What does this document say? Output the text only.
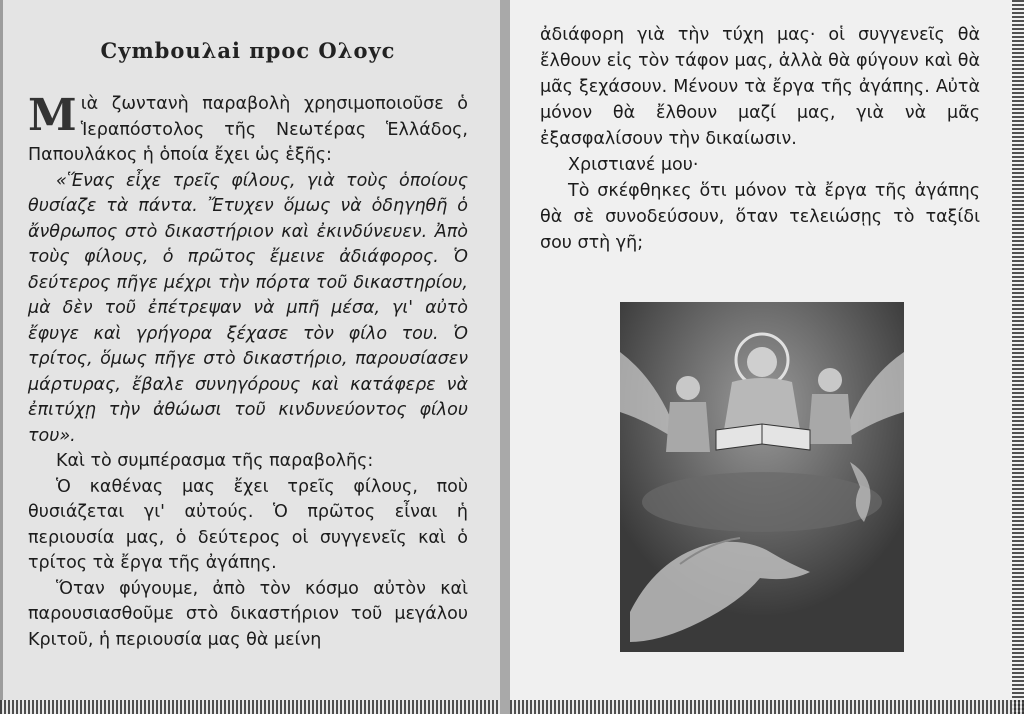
Cymbouλai πpoc Oλoyc

Mιὰ ζωντανὴ παραβολὴ χρησιμοποιοῦσε ὁ Ἱεραπόστολος τῆς Νεωτέρας Ἑλλάδος, Παπουλάκος ἡ ὁποία ἔχει ὡς ἑξῆς:

«Ἕνας εἶχε τρεῖς φίλους, γιὰ τοὺς ὁποίους θυσίαζε τὰ πάντα. Ἔτυχεν ὅμως νὰ ὁδηγηθῆ ὁ ἄνθρωπος στὸ δικαστήριον καὶ ἐκινδύνευεν. Ἀπὸ τοὺς φίλους, ὁ πρῶτος ἔμεινε ἀδιάφορος. Ὁ δεύτερος πῆγε μέχρι τὴν πόρτα τοῦ δικαστηρίου, μὰ δὲν τοῦ ἐπέτρεψαν νὰ μπῆ μέσα, γι' αὐτὸ ἔφυγε καὶ γρήγορα ξέχασε τὸν φίλο του. Ὁ τρίτος, ὅμως πῆγε στὸ δικαστήριο, παρουσίασεν μάρτυρας, ἔβαλε συνηγόρους καὶ κατάφερε νὰ ἐπιτύχῃ τὴν ἀθώωσι τοῦ κινδυνεύοντος φίλου του».

Καὶ τὸ συμπέρασμα τῆς παραβολῆς:

Ὁ καθένας μας ἔχει τρεῖς φίλους, ποὺ θυσιάζεται γι' αὐτούς. Ὁ πρῶτος εἶναι ἡ περιουσία μας, ὁ δεύτερος οἱ συγγενεῖς καὶ ὁ τρίτος τὰ ἔργα τῆς ἀγάπης.

Ὅταν φύγουμε, ἀπὸ τὸν κόσμο αὐτὸν καὶ παρουσιασθοῦμε στὸ δικαστήριον τοῦ μεγάλου Κριτοῦ, ἡ περιουσία μας θὰ μείνη

ἀδιάφορη γιὰ τὴν τύχη μας· οἱ συγγενεῖς θὰ ἔλθουν εἰς τὸν τάφον μας, ἀλλὰ θὰ φύγουν καὶ θὰ μᾶς ξεχάσουν. Μένουν τὰ ἔργα τῆς ἀγάπης. Αὐτὰ μόνον θὰ ἔλθουν μαζί μας, γιὰ νὰ μᾶς ἐξασφαλίσουν τὴν δικαίωσιν.

Χριστιανέ μου·

Τὸ σκέφθηκες ὅτι μόνον τὰ ἔργα τῆς ἀγάπης θὰ σὲ συνοδεύσουν, ὅταν τελειώσῃς τὸ ταξίδι σου στὴ γῆ;
